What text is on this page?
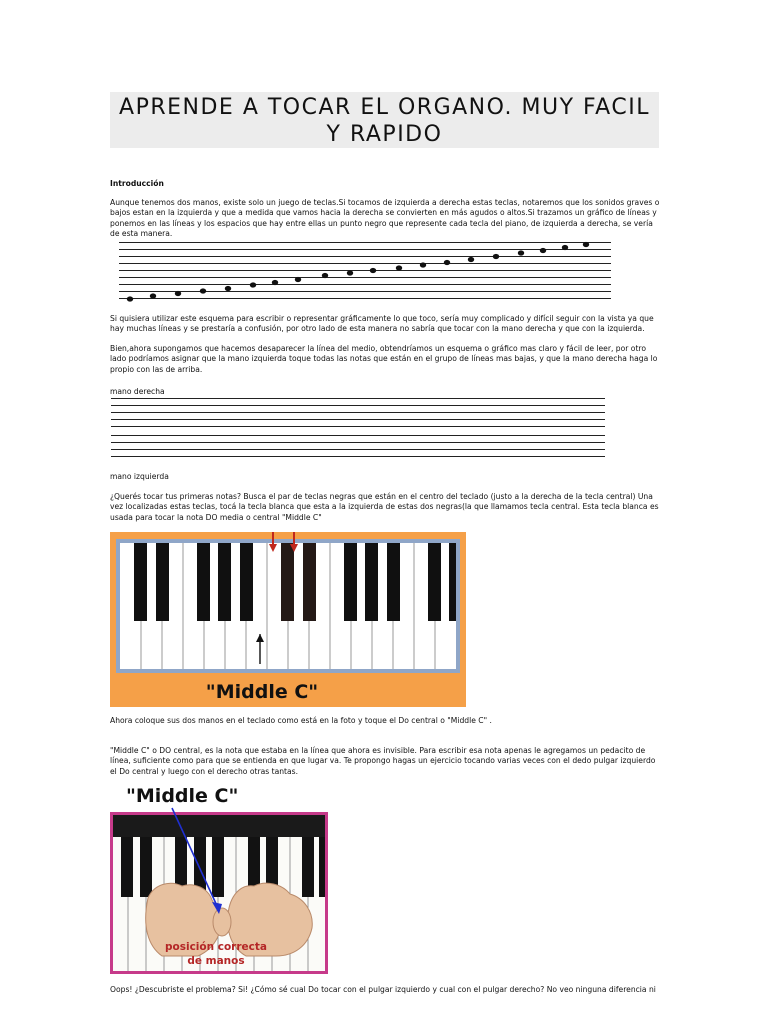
APRENDE A TOCAR EL ORGANO. MUY FACIL Y RAPIDO
Introducción
Aunque tenemos dos manos, existe solo un juego de teclas.Si tocamos de izquierda a derecha estas teclas, notaremos que los sonidos graves o bajos estan en la izquierda y que a medida que vamos hacia la derecha se convierten en más agudos o altos.Si trazamos un gráfico de líneas y ponemos en las líneas y los espacios que hay entre ellas un punto negro que represente cada tecla del piano, de izquierda a derecha, se vería de esta manera.
Si quisiera utilizar este esquema para escribir o representar gráficamente lo que toco, sería muy complicado y difícil seguir con la vista ya que hay muchas líneas y se prestaría a confusión, por otro lado de esta manera no sabría que tocar con la mano derecha y que con la izquierda.
Bien,ahora supongamos que hacemos desaparecer la línea del medio, obtendríamos un esquema o gráfico mas claro y fácil de leer, por otro lado podríamos asignar que la mano izquierda toque todas las notas que están en el grupo de líneas mas bajas, y que la mano derecha haga lo propio con las de arriba.
mano derecha
mano izquierda
¿Querés tocar tus primeras notas? Busca el par de teclas negras que están en el centro del teclado (justo a la derecha de la tecla central) Una vez localizadas estas teclas, tocá la tecla blanca que esta a la izquierda de estas dos negras(la que llamamos tecla central. Esta tecla blanca es usada para tocar la nota DO media o central "Middle C"
"Middle C"
Ahora coloque sus dos manos en el teclado como está en la foto y toque el Do central o "Middle C" .
"Middle C" o DO central, es la nota que estaba en la línea que ahora es invisible. Para escribir esa nota apenas le agregamos un pedacito de línea, suficiente como para que se entienda en que lugar va. Te propongo hagas un ejercicio tocando varias veces con el dedo pulgar izquierdo el Do central y luego con el derecho otras tantas.
"Middle C"
posición correcta
de manos
Oops! ¿Descubriste el problema? Si! ¿Cómo sé cual Do tocar con el pulgar izquierdo y cual con el pulgar derecho? No veo ninguna diferencia ni
